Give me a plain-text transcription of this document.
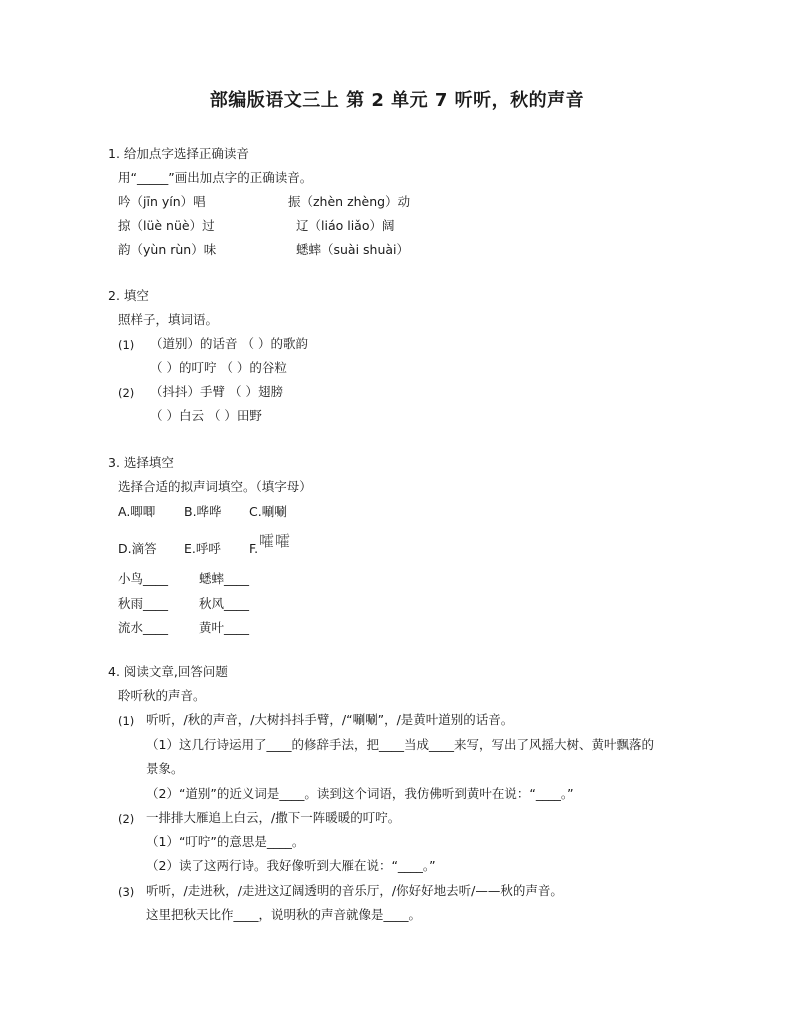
部编版语文三上 第 2 单元 7 听听，秋的声音
1. 给加点字选择正确读音
用“_____”画出加点字的正确读音。
吟（jīn yín）唱	振（zhèn zhèng）动
掠（lüè nüè）过	辽（liáo liǎo）阔
韵（yùn rùn）味	蟋蟀（suài shuài）
2. 填空
照样子，填词语。
(1) （道别）的话音 （ ）的歌韵
（ ）的叮咛 （ ）的谷粒
(2) （抖抖）手臂 （ ）翅膀
（ ）白云 （ ）田野
3. 选择填空
选择合适的拟声词填空。（填字母）
A.唧唧 B.哗哗 C.唰唰
D.滴答 E.呼呼 F. 嚯嚯
小鸟____ 蟋蟀____
秋雨____ 秋风____
流水____ 黄叶____
4. 阅读文章,回答问题
聆听秋的声音。
(1) 听听，/秋的声音，/大树抖抖手臂，/“唰唰”，/是黄叶道别的话音。
（1）这几行诗运用了____的修辞手法，把____当成____来写，写出了风摇大树、黄叶飘落的
景象。
（2）“道别”的近义词是____。读到这个词语，我仿佛听到黄叶在说：“____。”
(2) 一排排大雁追上白云，/撒下一阵暖暖的叮咛。
（1）“叮咛”的意思是____。
（2）读了这两行诗。我好像听到大雁在说：“____。”
(3) 听听，/走进秋，/走进这辽阔透明的音乐厅，/你好好地去听/——秋的声音。
这里把秋天比作____，说明秋的声音就像是____。
